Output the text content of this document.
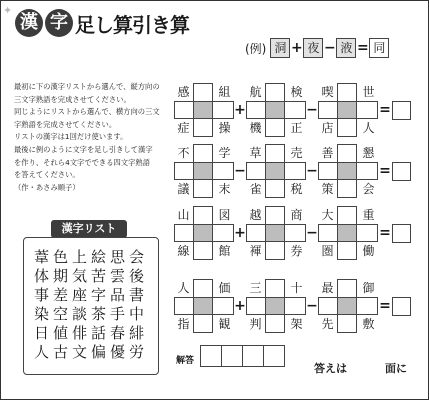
✦
漢 字 足し算引き算
(例) 洞 + 夜 − 液 = 同
最初に下の漢字リストから選んで、縦方向の
三文字熟語を完成させてください。
同じようにリストから選んで、横方向の三文
字熟語を完成させてください。
リストの漢字は1回だけ使います。
最後に例のように文字を足し引きして漢字
を作り、それら4文字でできる四文字熟語
を答えてください。
（作・あさみ順子）
漢字リスト
葦 色 上 絵 思 会
体 期 気 苦 雲 後
事 差 座 字 品 書
染 空 談 茶 手 中
日 値 俳 話 春 緋
人 古 文 偏 優 労
感 組
症 操
+
航 検
機 正
−
喫 世
店 人
=
不 学
議 末
−
草 売
雀 税
−
善 懇
策 会
=
山 図
線 館
+
越 商
褌 券
−
大 重
圏 働
=
人 価
指 観
+
三 十
判 架
−
最 御
先 敷
=
解答
答えは	面に
